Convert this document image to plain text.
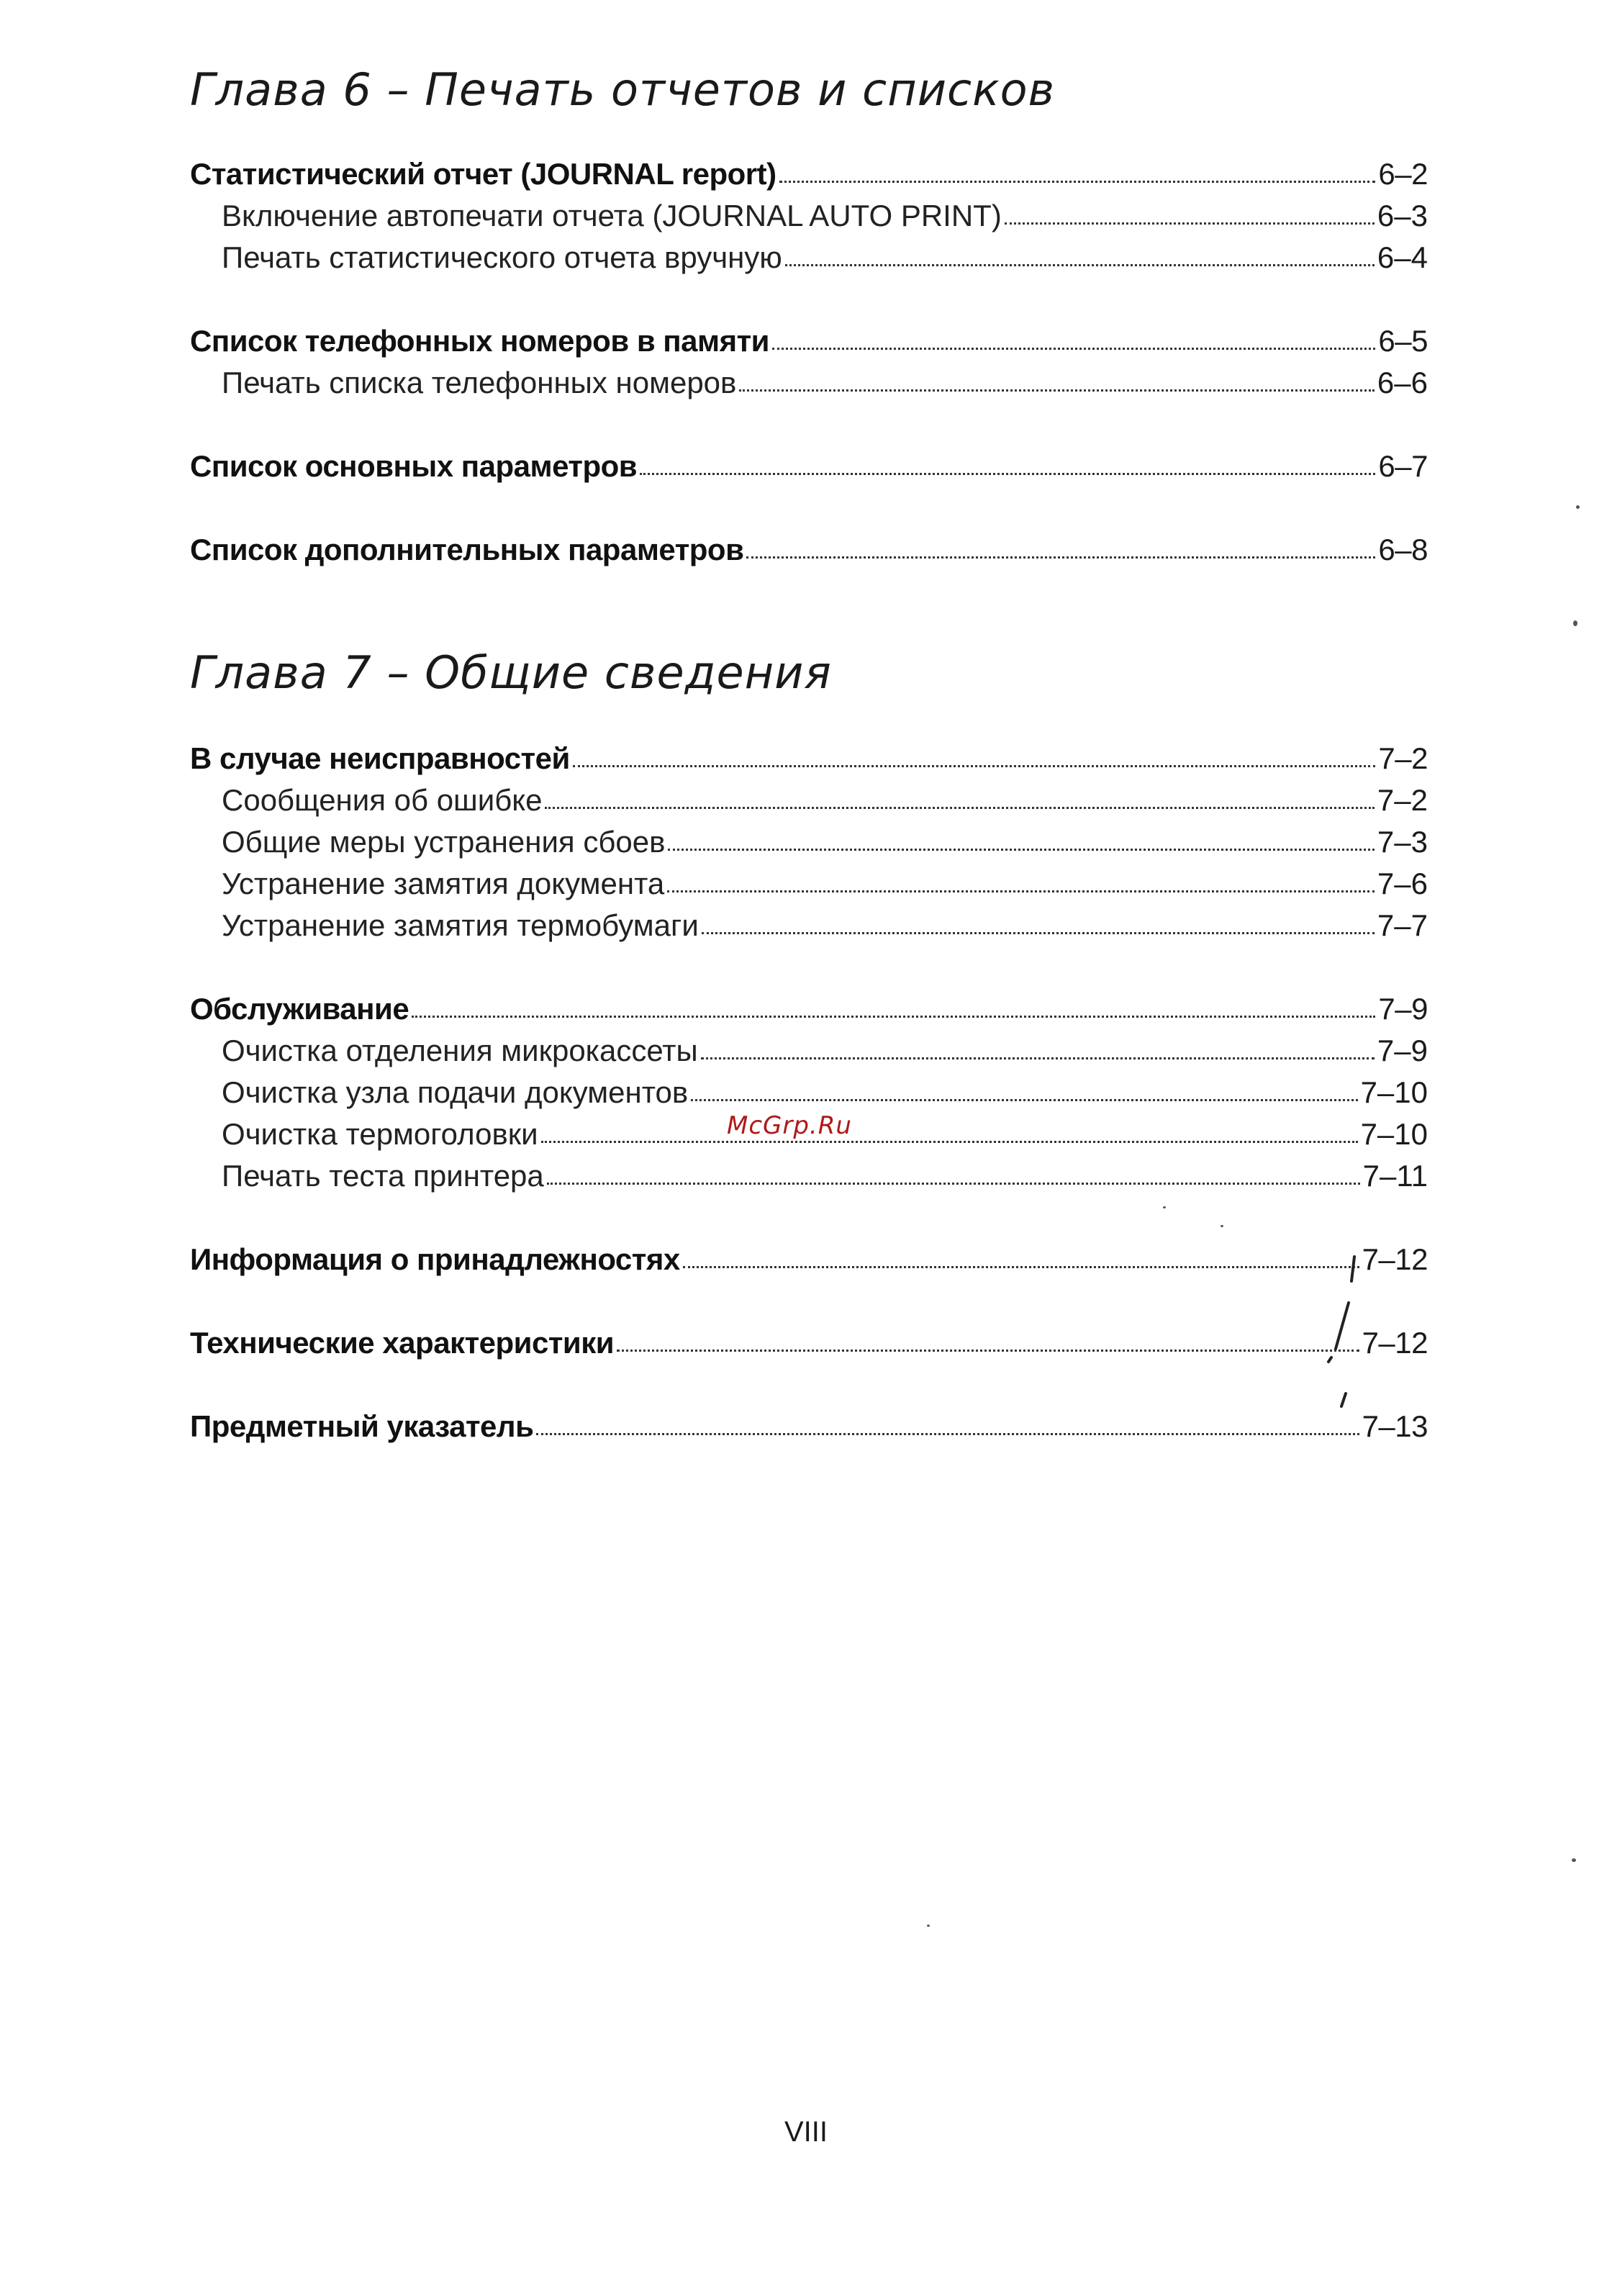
Глава 6 – Печать отчетов и списков
Статистический отчет (JOURNAL report)	6–2
Включение автопечати отчета (JOURNAL AUTO PRINT)	6–3
Печать статистического отчета вручную	6–4
Список телефонных номеров в памяти	6–5
Печать списка телефонных номеров	6–6
Список основных параметров	6–7
Список дополнительных параметров	6–8
Глава 7 – Общие сведения
В случае неисправностей	7–2
Сообщения об ошибке	7–2
Общие меры устранения сбоев	7–3
Устранение замятия документа	7–6
Устранение замятия термобумаги	7–7
Обслуживание	7–9
Очистка отделения микрокассеты	7–9
Очистка узла подачи документов	7–10
Очистка термоголовки	7–10
Печать теста принтера	7–11
Информация о принадлежностях	7–12
Технические характеристики	7–12
Предметный указатель	7–13
McGrp.Ru
VIII
